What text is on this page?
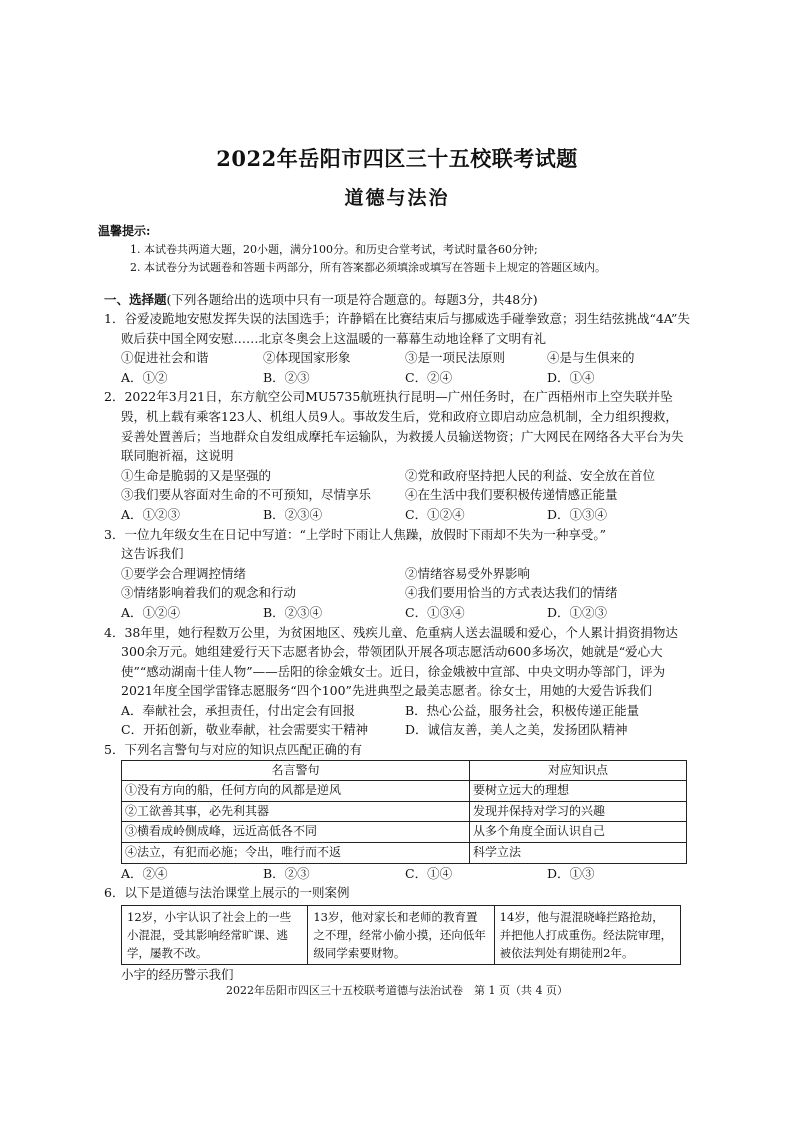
2022年岳阳市四区三十五校联考试题
道德与法治
温馨提示:
1. 本试卷共两道大题，20小题，满分100分。和历史合堂考试，考试时量各60分钟;
2. 本试卷分为试题卷和答题卡两部分，所有答案都必须填涂或填写在答题卡上规定的答题区域内。
一、选择题(下列各题给出的选项中只有一项是符合题意的。每题3分，共48分)
1．谷爱凌跪地安慰发挥失误的法国选手；许静韬在比赛结束后与挪威选手碰拳致意；羽生结弦挑战“4A”失败后获中国全网安慰……北京冬奥会上这温暖的一幕幕生动地诠释了文明有礼
①促进社会和谐	②体现国家形象	③是一项民法原则	④是与生俱来的
A．①②	B．②③	C．②④	D．①④
2．2022年3月21日，东方航空公司MU5735航班执行昆明—广州任务时，在广西梧州市上空失联并坠毁，机上载有乘客123人、机组人员9人。事故发生后，党和政府立即启动应急机制，全力组织搜救，妥善处置善后；当地群众自发组成摩托车运输队，为救援人员输送物资；广大网民在网络各大平台为失联同胞祈福，这说明
①生命是脆弱的又是坚强的	②党和政府坚持把人民的利益、安全放在首位
③我们要从容面对生命的不可预知，尽情享乐	④在生活中我们要积极传递情感正能量
A．①②③	B．②③④	C．①②④	D．①③④
3．一位九年级女生在日记中写道：“上学时下雨让人焦躁，放假时下雨却不失为一种享受。”
这告诉我们
①要学会合理调控情绪	②情绪容易受外界影响
③情绪影响着我们的观念和行动	④我们要用恰当的方式表达我们的情绪
A．①②④	B．②③④	C．①③④	D．①②③
4．38年里，她行程数万公里，为贫困地区、残疾儿童、危重病人送去温暖和爱心，个人累计捐资捐物达300余万元。她组建爱行天下志愿者协会，带领团队开展各项志愿活动600多场次，她就是“爱心大使”“感动湖南十佳人物”——岳阳的徐金娥女士。近日，徐金娥被中宣部、中央文明办等部门，评为2021年度全国学雷锋志愿服务“四个100”先进典型之最美志愿者。徐女士，用她的大爱告诉我们
A．奉献社会，承担责任，付出定会有回报	B．热心公益，服务社会，积极传递正能量
C．开拓创新，敬业奉献，社会需要实干精神	D．诚信友善，美人之美，发扬团队精神
5．下列名言警句与对应的知识点匹配正确的有
名言警句	对应知识点
①没有方向的船，任何方向的风都是逆风	要树立远大的理想
②工欲善其事，必先利其器	发现并保持对学习的兴趣
③横看成岭侧成峰，远近高低各不同	从多个角度全面认识自己
④法立，有犯而必施；令出，唯行而不返	科学立法
A．②④	B．②③	C．①④	D．①③
6．以下是道德与法治课堂上展示的一则案例
12岁，小宇认识了社会上的一些小混混，受其影响经常旷课、逃学，屡教不改。	13岁，他对家长和老师的教育置之不理，经常小偷小摸，还向低年级同学索要财物。	14岁，他与混混晓峰拦路抢劫，并把他人打成重伤。经法院审理，被依法判处有期徒刑2年。
小宇的经历警示我们
2022年岳阳市四区三十五校联考道德与法治试卷　第 1 页（共 4 页）
